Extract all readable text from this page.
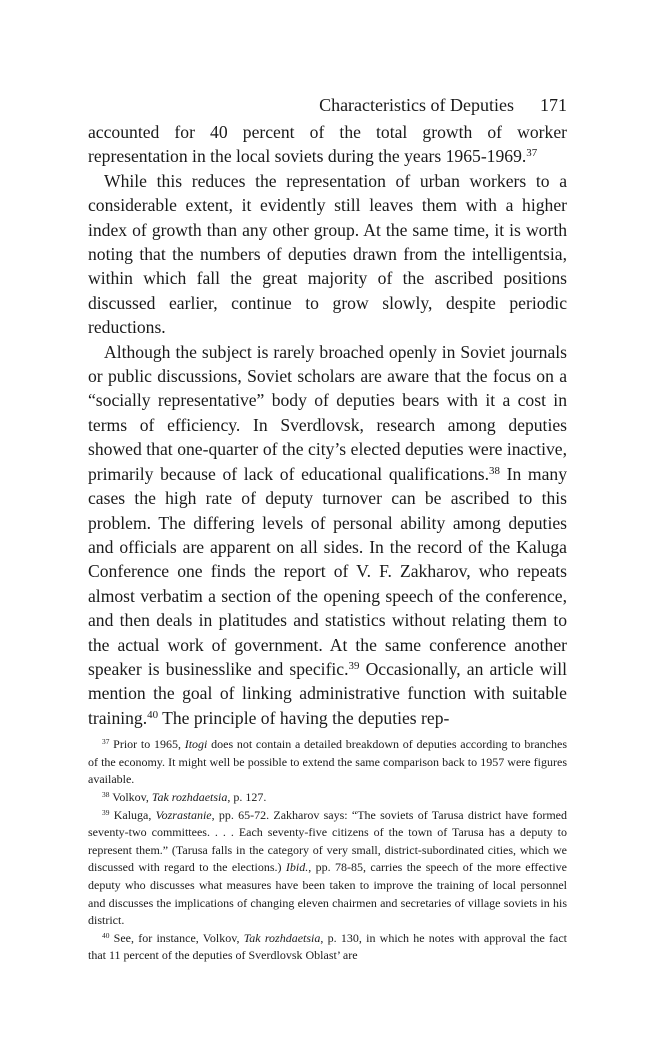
Characteristics of Deputies 171

accounted for 40 percent of the total growth of worker representation in the local soviets during the years 1965-1969.37

While this reduces the representation of urban workers to a considerable extent, it evidently still leaves them with a higher index of growth than any other group. At the same time, it is worth noting that the numbers of deputies drawn from the intelligentsia, within which fall the great majority of the ascribed positions discussed earlier, continue to grow slowly, despite periodic reductions.

Although the subject is rarely broached openly in Soviet journals or public discussions, Soviet scholars are aware that the focus on a “socially representative” body of deputies bears with it a cost in terms of efficiency. In Sverdlovsk, research among deputies showed that one-quarter of the city’s elected deputies were inactive, primarily because of lack of educational qualifications.$^{38}$ In many cases the high rate of deputy turnover can be ascribed to this problem. The differing levels of personal ability among deputies and officials are apparent on all sides. In the record of the Kaluga Conference one finds the report of V. F. Zakharov, who repeats almost verbatim a section of the opening speech of the conference, and then deals in platitudes and statistics without relating them to the actual work of government. At the same conference another speaker is businesslike and specific.$^{39}$ Occasionally, an article will mention the goal of linking administrative function with suitable training.$^{40}$ The principle of having the deputies rep-

$^{37}$ Prior to 1965, Itogi does not contain a detailed breakdown of deputies according to branches of the economy. It might well be possible to extend the same comparison back to 1957 were figures available.

$^{38}$ Volkov, Tak rozhdaetsia, p. 127.

$^{39}$ Kaluga, Vozrastanie, pp. 65-72. Zakharov says: “The soviets of Tarusa district have formed seventy-two committees. . . . Each seventy-five citizens of the town of Tarusa has a deputy to represent them.” (Tarusa falls in the category of very small, district-subordinated cities, which we discussed with regard to the elections.) Ibid., pp. 78-85, carries the speech of the more effective deputy who discusses what measures have been taken to improve the training of local personnel and discusses the implications of changing eleven chairmen and secretaries of village soviets in his district.

$^{40}$ See, for instance, Volkov, Tak rozhdaetsia, p. 130, in which he notes with approval the fact that 11 percent of the deputies of Sverdlovsk Oblast’ are
